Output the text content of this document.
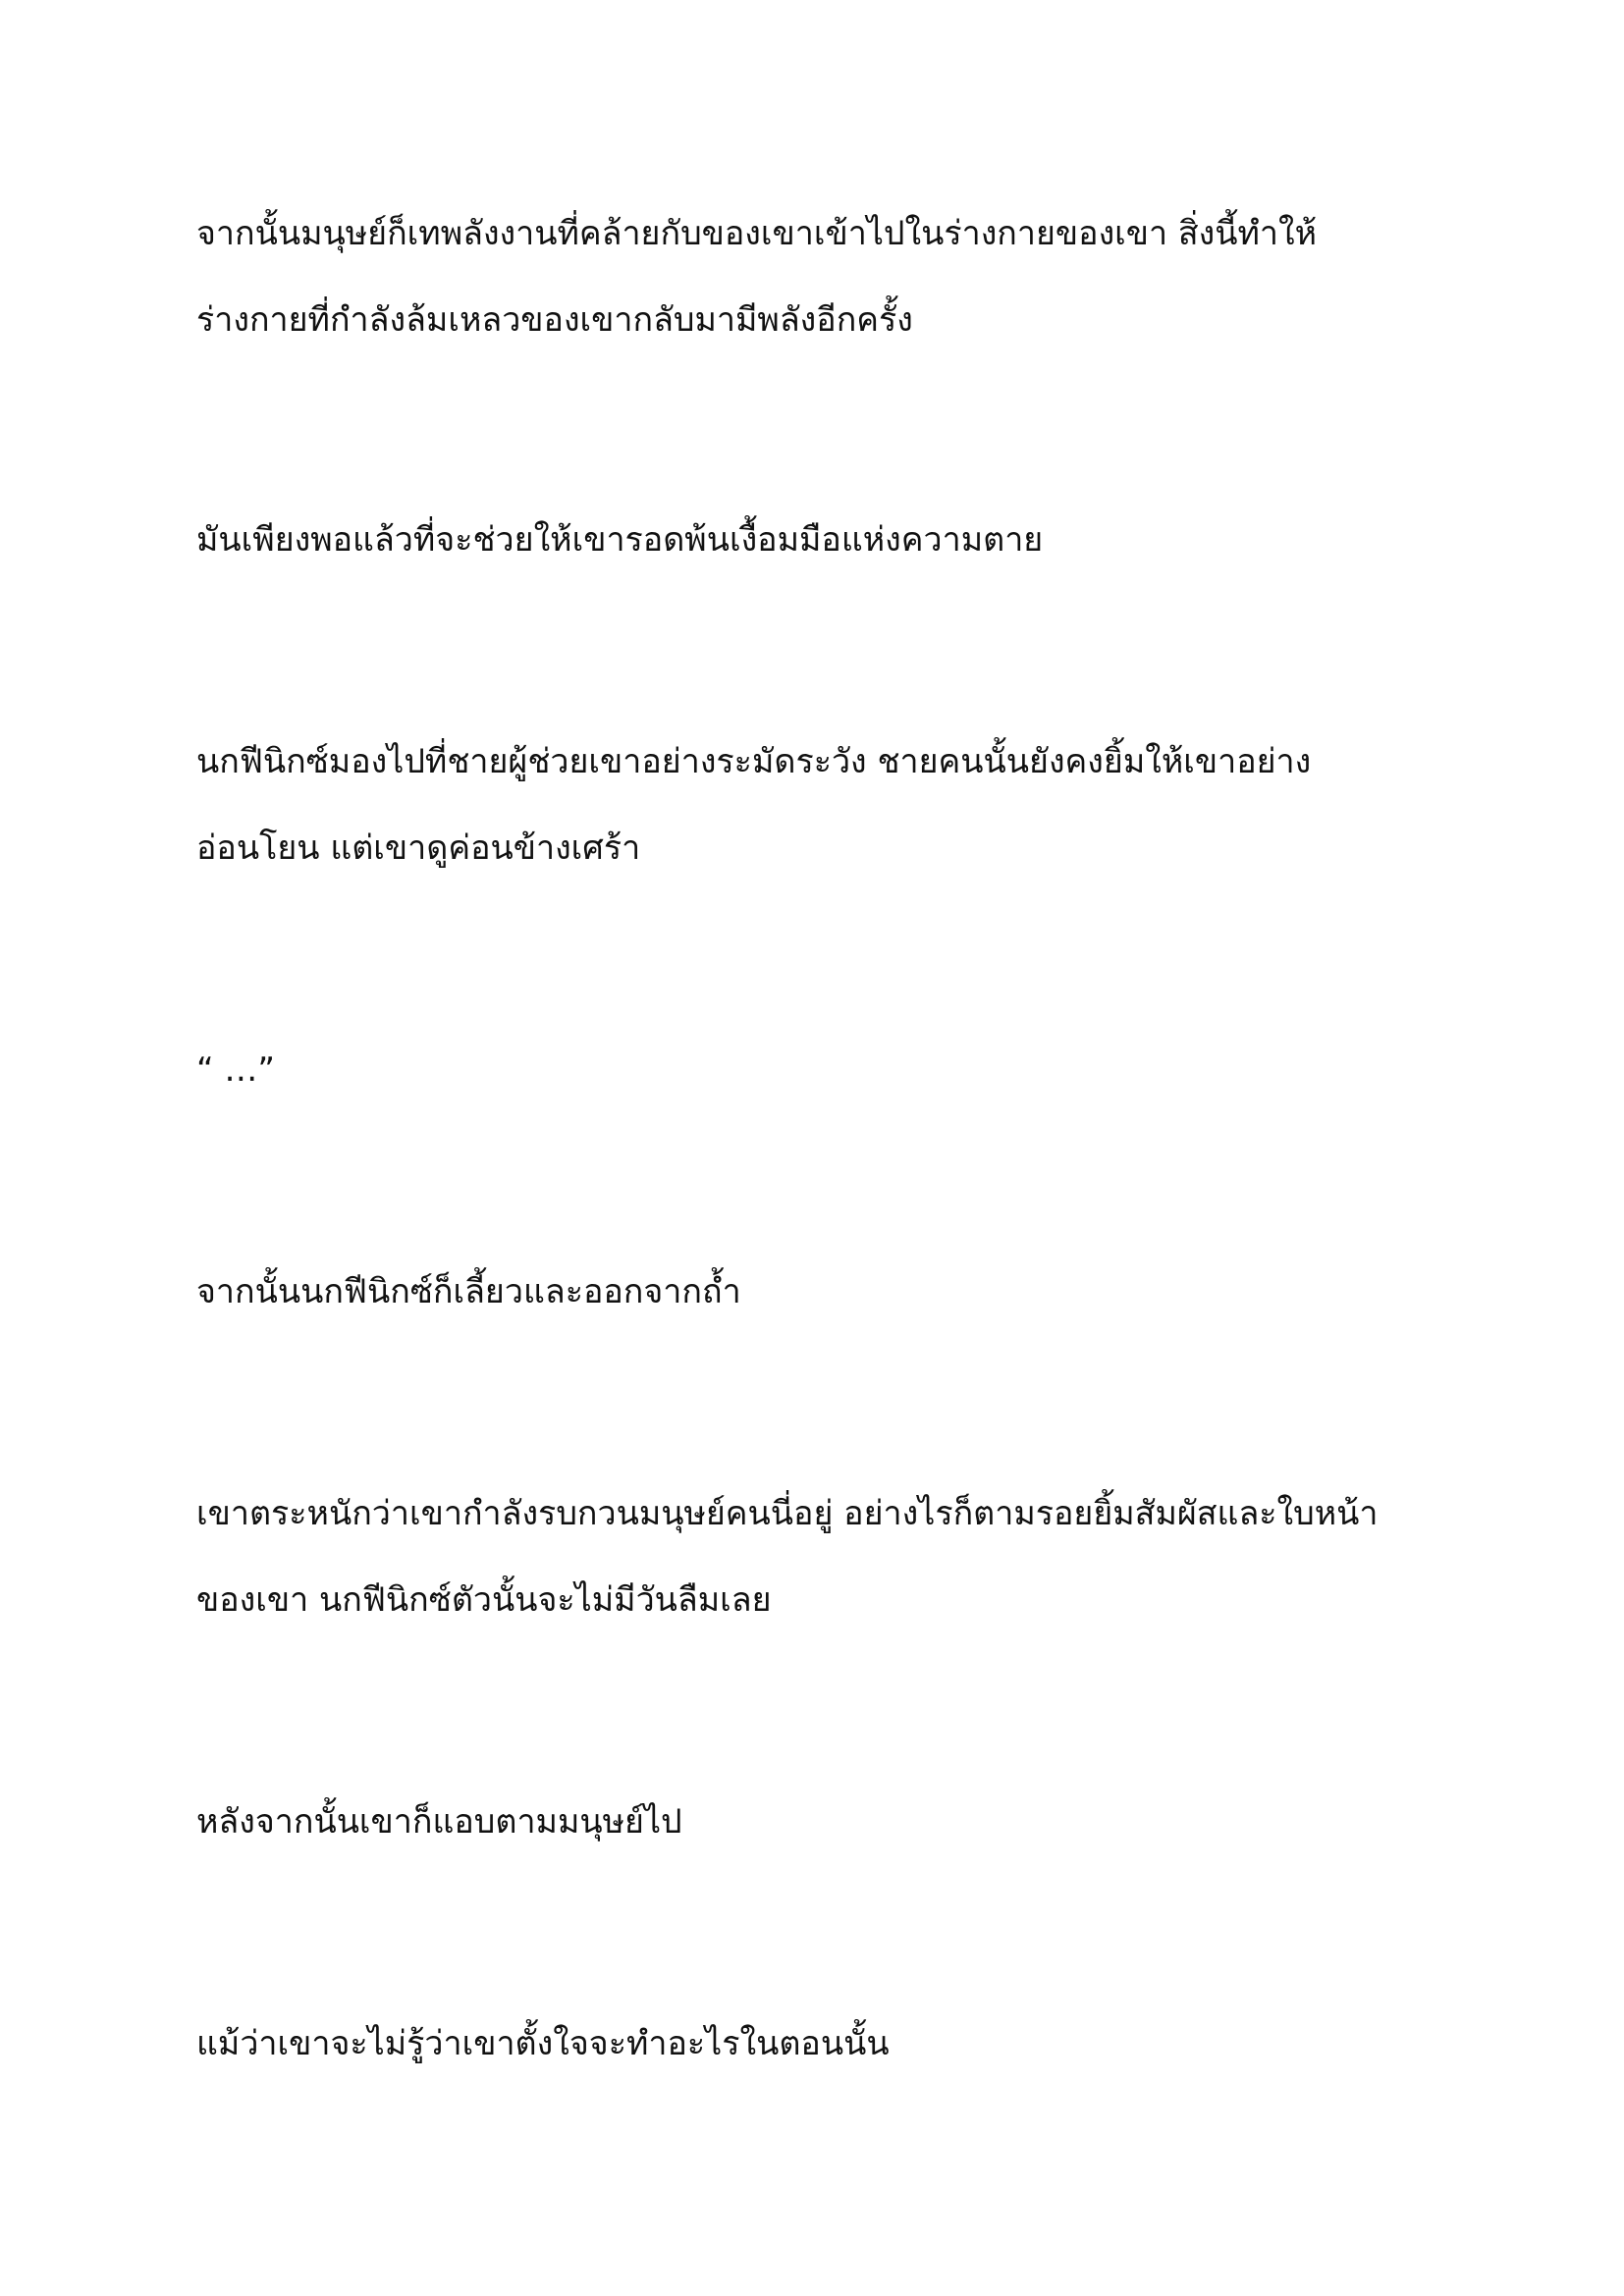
จากนั้นมนุษย์ก็เทพลังงานที่คล้ายกับของเขาเข้าไปในร่างกายของเขา สิ่งนี้ทำให้
ร่างกายที่กำลังล้มเหลวของเขากลับมามีพลังอีกครั้ง

มันเพียงพอแล้วที่จะช่วยให้เขารอดพ้นเงื้อมมือแห่งความตาย

นกฟีนิกซ์มองไปที่ชายผู้ช่วยเขาอย่างระมัดระวัง ชายคนนั้นยังคงยิ้มให้เขาอย่าง
อ่อนโยน แต่เขาดูค่อนข้างเศร้า

“ …”

จากนั้นนกฟีนิกซ์ก็เลี้ยวและออกจากถ้ำ

เขาตระหนักว่าเขากำลังรบกวนมนุษย์คนนี่อยู่ อย่างไรก็ตามรอยยิ้มสัมผัสและใบหน้า
ของเขา นกฟีนิกซ์ตัวนั้นจะไม่มีวันลืมเลย

หลังจากนั้นเขาก็แอบตามมนุษย์ไป

แม้ว่าเขาจะไม่รู้ว่าเขาตั้งใจจะทำอะไรในตอนนั้น
